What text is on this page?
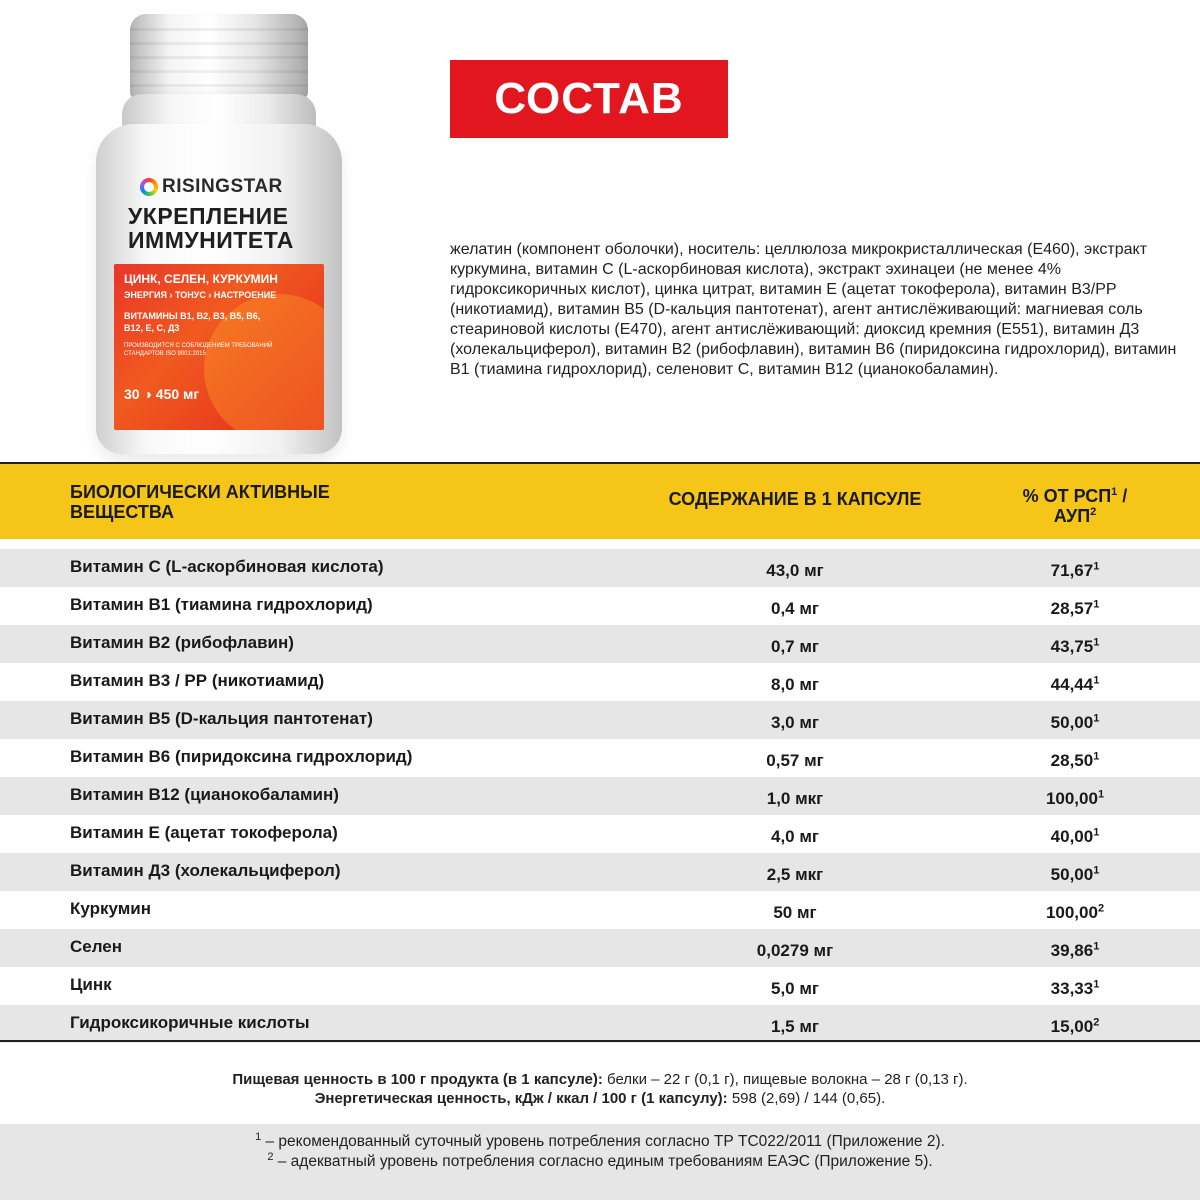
RISINGSTAR
УКРЕПЛЕНИЕ
ИММУНИТЕТА
ЦИНК, СЕЛЕН, КУРКУМИН
ЭНЕРГИЯ › ТОНУС › НАСТРОЕНИЕ
ВИТАМИНЫ B1, B2, B3, B5, B6, B12, E, C, Д3
ПРОИЗВОДИТСЯ С СОБЛЮДЕНИЕМ ТРЕБОВАНИЙ СТАНДАРТОВ ISO 9001:2015
30 ◑ 450 мг
СОСТАВ
желатин (компонент оболочки), носитель: целлюлоза микрокристаллическая (Е460), экстракт куркумина, витамин С (L-аскорбиновая кислота), экстракт эхинацеи (не менее 4% гидроксикоричных кислот), цинка цитрат, витамин Е (ацетат токоферола), витамин В3/РР (никотиамид), витамин В5 (D-кальция пантотенат), агент антислёживающий: магниевая соль стеариновой кислоты (Е470), агент антислёживающий: диоксид кремния (Е551), витамин Д3 (холекальциферол), витамин В2 (рибофлавин), витамин В6 (пиридоксина гидрохлорид), витамин В1 (тиамина гидрохлорид), селеновит С, витамин В12 (цианокобаламин).
БИОЛОГИЧЕСКИ АКТИВНЫЕ ВЕЩЕСТВА
СОДЕРЖАНИЕ В 1 КАПСУЛЕ	% ОТ РСП$^1$ /
АУП$^2$
Витамин С (L-аскорбиновая кислота)	43,0 мг	71,67$^1$
Витамин В1 (тиамина гидрохлорид)	0,4 мг	28,57$^1$
Витамин В2 (рибофлавин)	0,7 мг	43,75$^1$
Витамин В3 / РР (никотиамид)	8,0 мг	44,44$^1$
Витамин В5 (D-кальция пантотенат)	3,0 мг	50,00$^1$
Витамин В6 (пиридоксина гидрохлорид)	0,57 мг	28,50$^1$
Витамин В12 (цианокобаламин)	1,0 мкг	100,00$^1$
Витамин Е (ацетат токоферола)	4,0 мг	40,00$^1$
Витамин Д3 (холекальциферол)	2,5 мкг	50,00$^1$
Куркумин	50 мг	100,00$^2$
Селен	0,0279 мг	39,86$^1$
Цинк	5,0 мг	33,33$^1$
Гидроксикоричные кислоты	1,5 мг	15,00$^2$
Пищевая ценность в 100 г продукта (в 1 капсуле): белки – 22 г (0,1 г), пищевые волокна – 28 г (0,13 г).
Энергетическая ценность, кДж / ккал / 100 г (1 капсулу): 598 (2,69) / 144 (0,65).
$^1$ – рекомендованный суточный уровень потребления согласно ТР ТС022/2011 (Приложение 2).
$^2$ – адекватный уровень потребления согласно единым требованиям ЕАЭС (Приложение 5).
